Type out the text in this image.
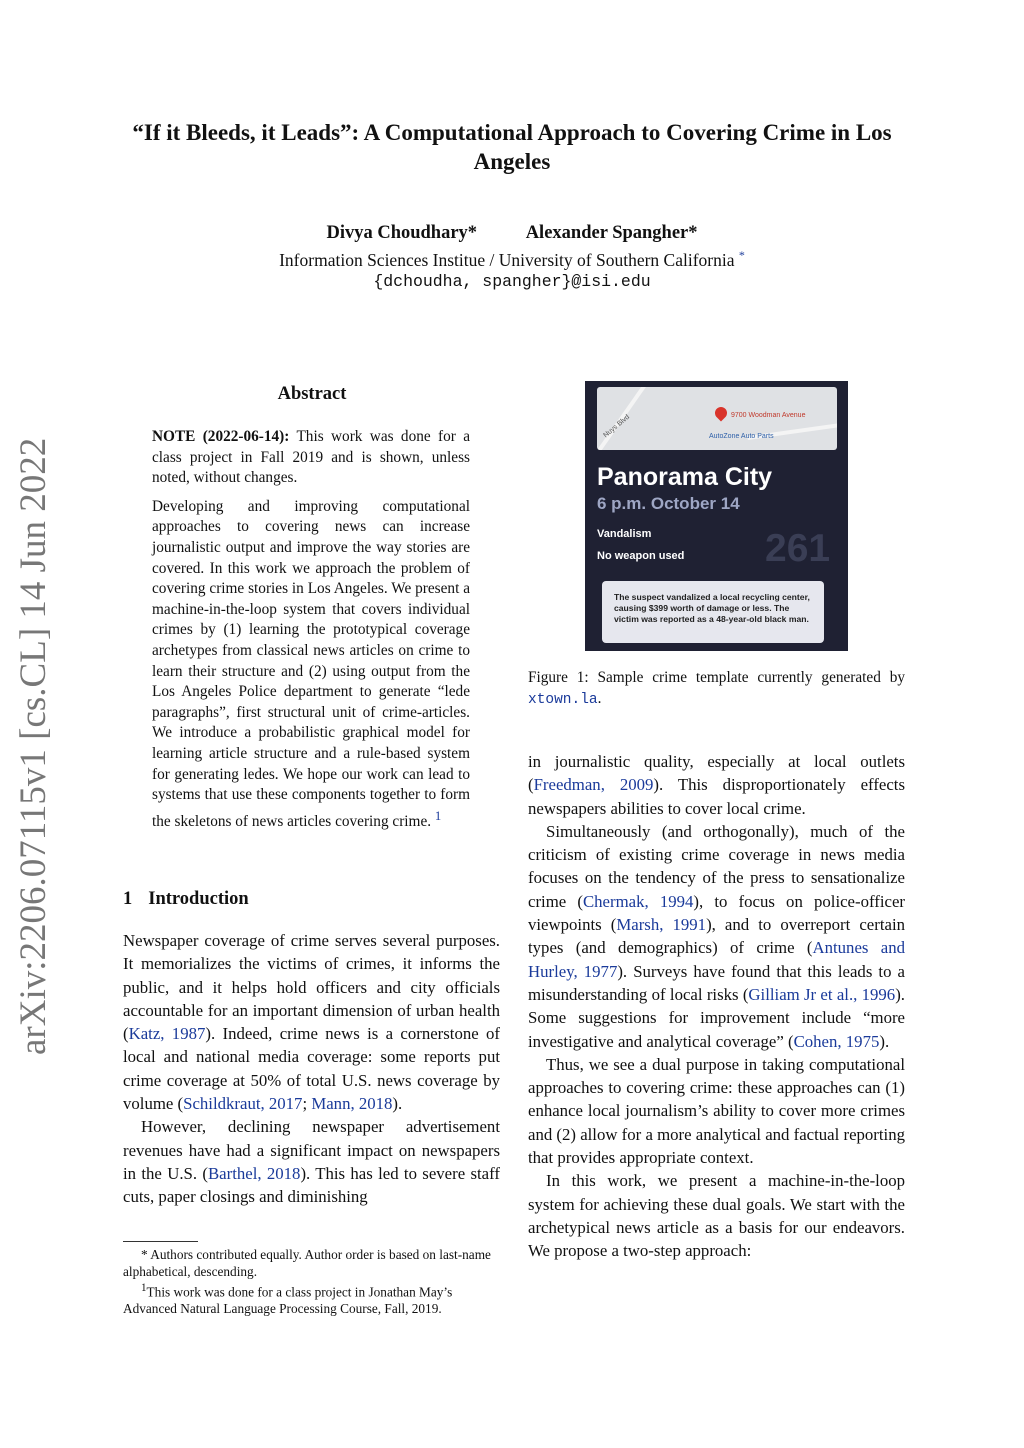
“If it Bleeds, it Leads”: A Computational Approach to Covering Crime in Los Angeles
Divya Choudhary*	Alexander Spangher*
Information Sciences Institue / University of Southern California *
{dchoudha, spangher}@isi.edu
arXiv:2206.07115v1 [cs.CL] 14 Jun 2022
Abstract

NOTE (2022-06-14): This work was done for a class project in Fall 2019 and is shown, unless noted, without changes.

Developing and improving computational approaches to covering news can increase journalistic output and improve the way stories are covered. In this work we approach the problem of covering crime stories in Los Angeles. We present a machine-in-the-loop system that covers individual crimes by (1) learning the prototypical coverage archetypes from classical news articles on crime to learn their structure and (2) using output from the Los Angeles Police department to generate “lede paragraphs”, first structural unit of crime-articles. We introduce a probabilistic graphical model for learning article structure and a rule-based system for generating ledes. We hope our work can lead to systems that use these components together to form the skeletons of news articles covering crime. $^1$

1 Introduction

Newspaper coverage of crime serves several purposes. It memorializes the victims of crimes, it informs the public, and it helps hold officers and city officials accountable for an important dimension of urban health (Katz, 1987). Indeed, crime news is a cornerstone of local and national media coverage: some reports put crime coverage at 50% of total U.S. news coverage by volume (Schildkraut, 2017; Mann, 2018).

However, declining newspaper advertisement revenues have had a significant impact on newspapers in the U.S. (Barthel, 2018). This has led to severe staff cuts, paper closings and diminishing

* Authors contributed equally. Author order is based on last-name alphabetical, descending.

$^1$This work was done for a class project in Jonathan May’s Advanced Natural Language Processing Course, Fall, 2019.

Nuys Blvd	9700 Woodman Avenue
AutoZone Auto Parts
Panorama City
6 p.m. October 14
Vandalism
No weapon used 261
The suspect vandalized a local recycling center, causing $399 worth of damage or less. The victim was reported as a 48-year-old black man.
Figure 1: Sample crime template currently generated by xtown.la.

in journalistic quality, especially at local outlets (Freedman, 2009). This disproportionately effects newspapers abilities to cover local crime.

Simultaneously (and orthogonally), much of the criticism of existing crime coverage in news media focuses on the tendency of the press to sensationalize crime (Chermak, 1994), to focus on police-officer viewpoints (Marsh, 1991), and to overreport certain types (and demographics) of crime (Antunes and Hurley, 1977). Surveys have found that this leads to a misunderstanding of local risks (Gilliam Jr et al., 1996). Some suggestions for improvement include “more investigative and analytical coverage” (Cohen, 1975).

Thus, we see a dual purpose in taking computational approaches to covering crime: these approaches can (1) enhance local journalism’s ability to cover more crimes and (2) allow for a more analytical and factual reporting that provides appropriate context.

In this work, we present a machine-in-the-loop system for achieving these dual goals. We start with the archetypical news article as a basis for our endeavors. We propose a two-step approach:
